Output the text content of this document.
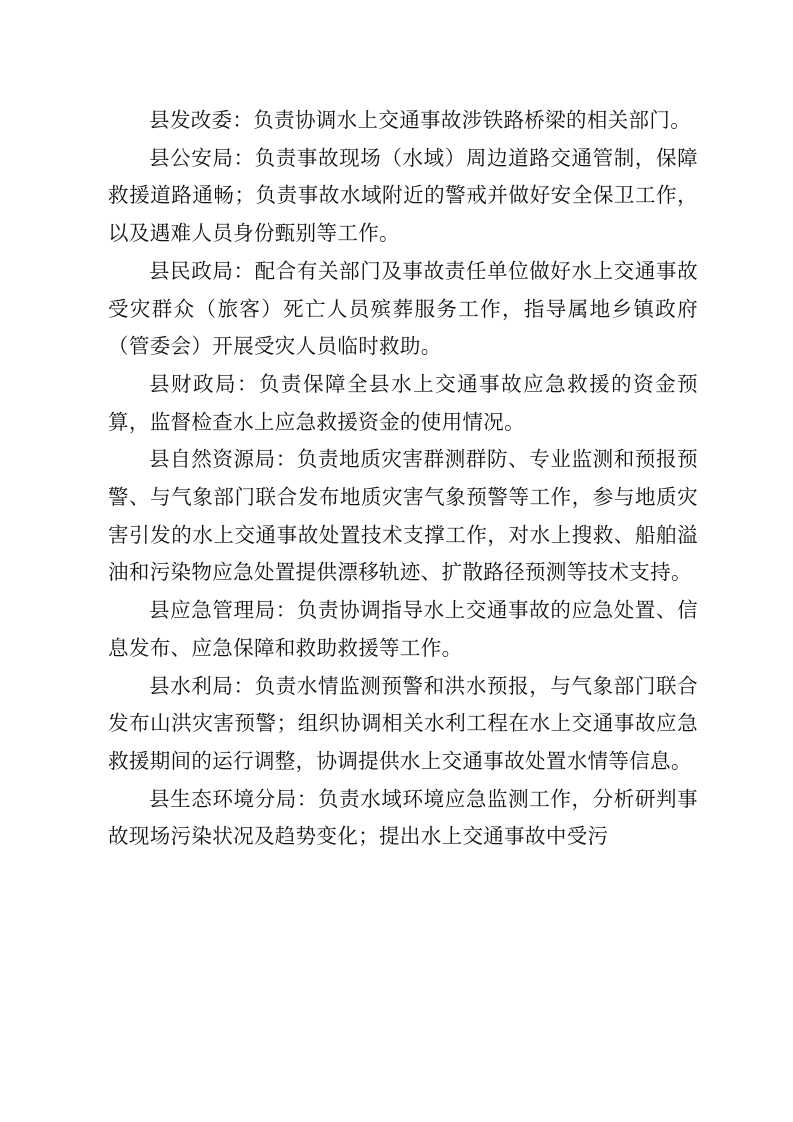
县发改委：负责协调水上交通事故涉铁路桥梁的相关部门。

县公安局：负责事故现场（水域）周边道路交通管制，保障救援道路通畅；负责事故水域附近的警戒并做好安全保卫工作，以及遇难人员身份甄别等工作。

县民政局：配合有关部门及事故责任单位做好水上交通事故受灾群众（旅客）死亡人员殡葬服务工作，指导属地乡镇政府（管委会）开展受灾人员临时救助。

县财政局：负责保障全县水上交通事故应急救援的资金预算，监督检查水上应急救援资金的使用情况。

县自然资源局：负责地质灾害群测群防、专业监测和预报预警、与气象部门联合发布地质灾害气象预警等工作，参与地质灾害引发的水上交通事故处置技术支撑工作，对水上搜救、船舶溢油和污染物应急处置提供漂移轨迹、扩散路径预测等技术支持。

县应急管理局：负责协调指导水上交通事故的应急处置、信息发布、应急保障和救助救援等工作。

县水利局：负责水情监测预警和洪水预报，与气象部门联合发布山洪灾害预警；组织协调相关水利工程在水上交通事故应急救援期间的运行调整，协调提供水上交通事故处置水情等信息。

县生态环境分局：负责水域环境应急监测工作，分析研判事故现场污染状况及趋势变化；提出水上交通事故中受污
